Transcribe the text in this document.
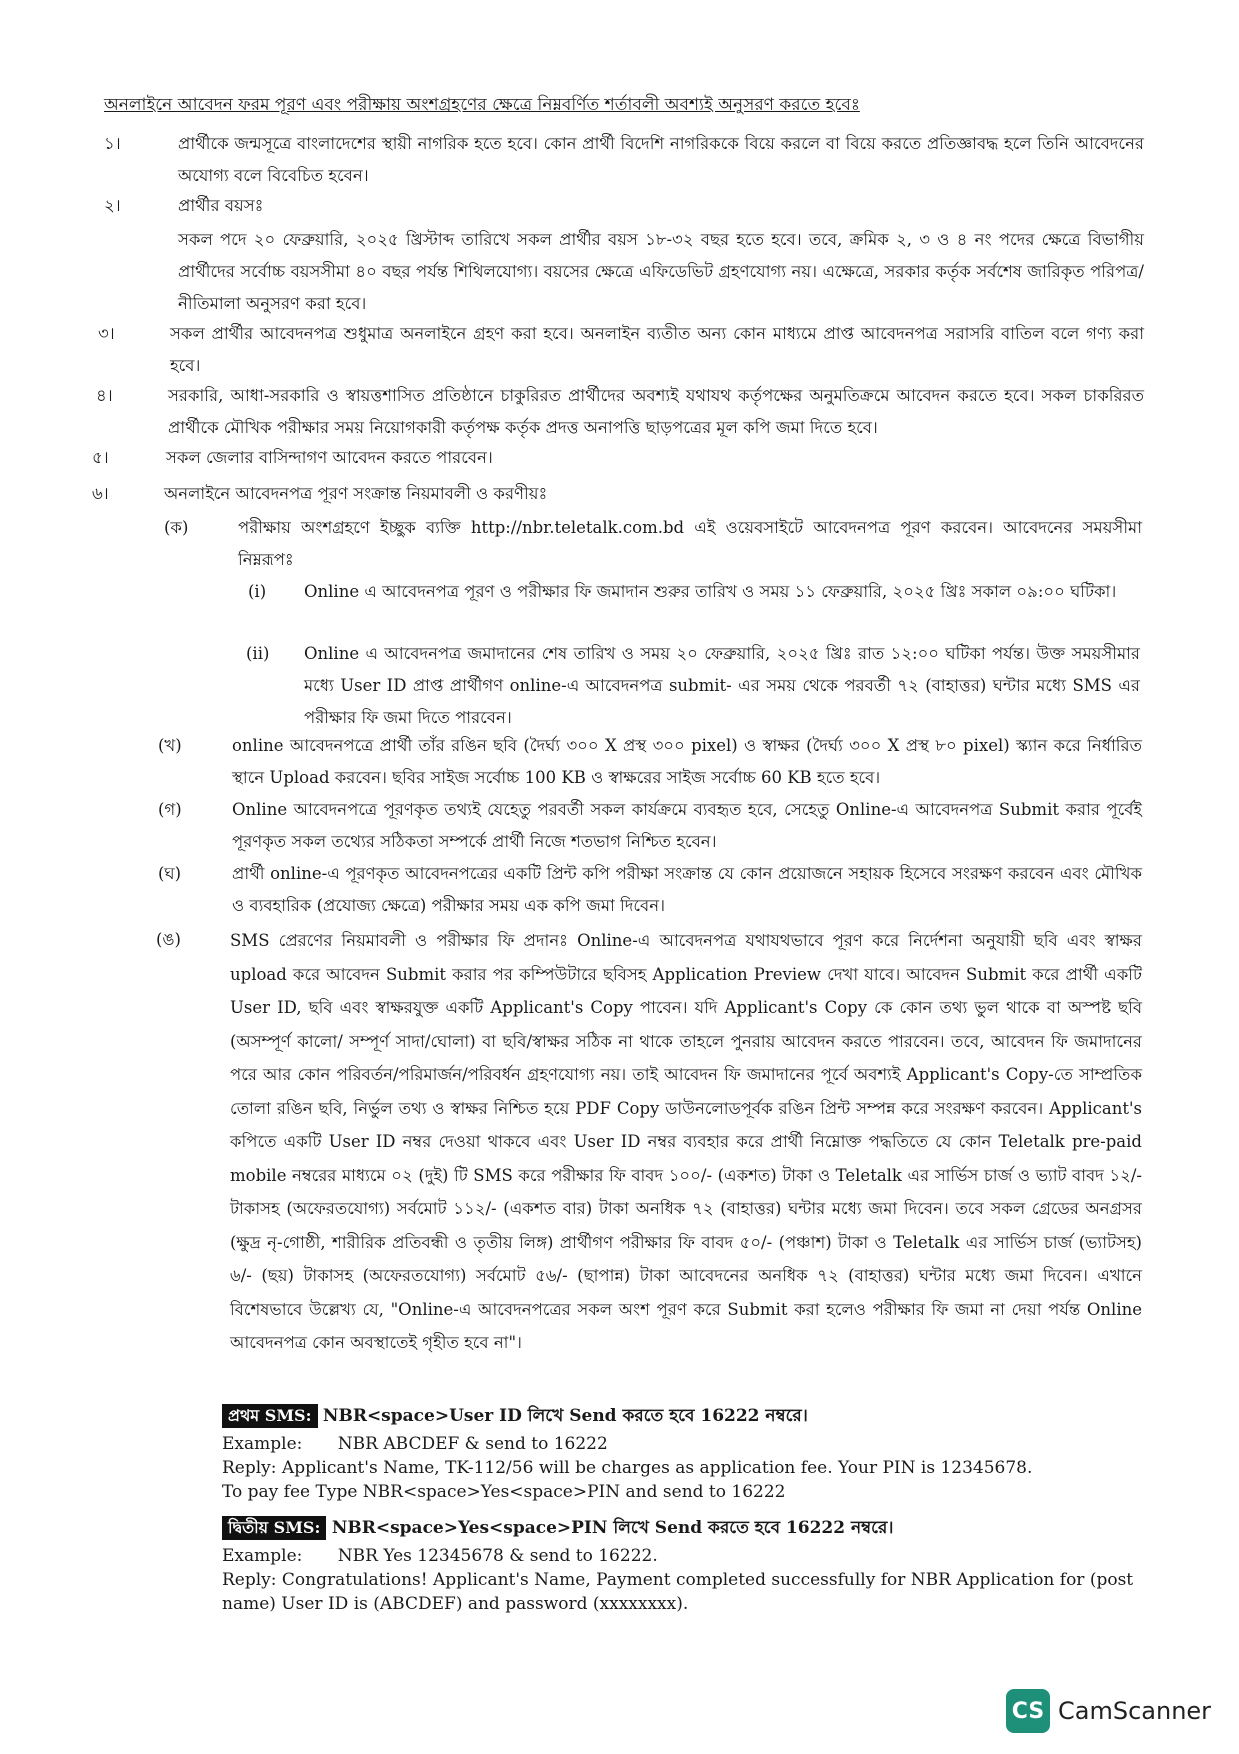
অনলাইনে আবেদন ফরম পূরণ এবং পরীক্ষায় অংশগ্রহণের ক্ষেত্রে নিম্নবর্ণিত শর্তাবলী অবশ্যই অনুসরণ করতে হবেঃ
১।	প্রার্থীকে জন্মসূত্রে বাংলাদেশের স্থায়ী নাগরিক হতে হবে। কোন প্রার্থী বিদেশি নাগরিককে বিয়ে করলে বা বিয়ে করতে প্রতিজ্ঞাবদ্ধ হলে তিনি আবেদনের অযোগ্য বলে বিবেচিত হবেন।
২।	প্রার্থীর বয়সঃ
সকল পদে ২০ ফেব্রুয়ারি, ২০২৫ খ্রিস্টাব্দ তারিখে সকল প্রার্থীর বয়স ১৮-৩২ বছর হতে হবে। তবে, ক্রমিক ২, ৩ ও ৪ নং পদের ক্ষেত্রে বিভাগীয় প্রার্থীদের সর্বোচ্চ বয়সসীমা ৪০ বছর পর্যন্ত শিথিলযোগ্য। বয়সের ক্ষেত্রে এফিডেভিট গ্রহণযোগ্য নয়। এক্ষেত্রে, সরকার কর্তৃক সর্বশেষ জারিকৃত পরিপত্র/ নীতিমালা অনুসরণ করা হবে।
৩।	সকল প্রার্থীর আবেদনপত্র শুধুমাত্র অনলাইনে গ্রহণ করা হবে। অনলাইন ব্যতীত অন্য কোন মাধ্যমে প্রাপ্ত আবেদনপত্র সরাসরি বাতিল বলে গণ্য করা হবে।
৪।	সরকারি, আধা-সরকারি ও স্বায়ত্তশাসিত প্রতিষ্ঠানে চাকুরিরত প্রার্থীদের অবশ্যই যথাযথ কর্তৃপক্ষের অনুমতিক্রমে আবেদন করতে হবে। সকল চাকরিরত প্রার্থীকে মৌখিক পরীক্ষার সময় নিয়োগকারী কর্তৃপক্ষ কর্তৃক প্রদত্ত অনাপত্তি ছাড়পত্রের মূল কপি জমা দিতে হবে।
৫।	সকল জেলার বাসিন্দাগণ আবেদন করতে পারবেন।
৬।	অনলাইনে আবেদনপত্র পূরণ সংক্রান্ত নিয়মাবলী ও করণীয়ঃ
(ক)	পরীক্ষায় অংশগ্রহণে ইচ্ছুক ব্যক্তি http://nbr.teletalk.com.bd এই ওয়েবসাইটে আবেদনপত্র পূরণ করবেন। আবেদনের সময়সীমা নিম্নরূপঃ
(i) Online এ আবেদনপত্র পূরণ ও পরীক্ষার ফি জমাদান শুরুর তারিখ ও সময় ১১ ফেব্রুয়ারি, ২০২৫ খ্রিঃ সকাল ০৯:০০ ঘটিকা।
(ii) Online এ আবেদনপত্র জমাদানের শেষ তারিখ ও সময় ২০ ফেব্রুয়ারি, ২০২৫ খ্রিঃ রাত ১২:০০ ঘটিকা পর্যন্ত। উক্ত সময়সীমার মধ্যে User ID প্রাপ্ত প্রার্থীগণ online-এ আবেদনপত্র submit- এর সময় থেকে পরবর্তী ৭২ (বাহাত্তর) ঘন্টার মধ্যে SMS এর পরীক্ষার ফি জমা দিতে পারবেন।
(খ)	online আবেদনপত্রে প্রার্থী তাঁর রঙিন ছবি (দৈর্ঘ্য ৩০০ X প্রস্থ ৩০০ pixel) ও স্বাক্ষর (দৈর্ঘ্য ৩০০ X প্রস্থ ৮০ pixel) স্ক্যান করে নির্ধারিত স্থানে Upload করবেন। ছবির সাইজ সর্বোচ্চ 100 KB ও স্বাক্ষরের সাইজ সর্বোচ্চ 60 KB হতে হবে।
(গ)	Online আবেদনপত্রে পূরণকৃত তথ্যই যেহেতু পরবর্তী সকল কার্যক্রমে ব্যবহৃত হবে, সেহেতু Online-এ আবেদনপত্র Submit করার পূর্বেই পূরণকৃত সকল তথ্যের সঠিকতা সম্পর্কে প্রার্থী নিজে শতভাগ নিশ্চিত হবেন।
(ঘ)	প্রার্থী online-এ পূরণকৃত আবেদনপত্রের একটি প্রিন্ট কপি পরীক্ষা সংক্রান্ত যে কোন প্রয়োজনে সহায়ক হিসেবে সংরক্ষণ করবেন এবং মৌখিক ও ব্যবহারিক (প্রযোজ্য ক্ষেত্রে) পরীক্ষার সময় এক কপি জমা দিবেন।
(ঙ)	SMS প্রেরণের নিয়মাবলী ও পরীক্ষার ফি প্রদানঃ Online-এ আবেদনপত্র যথাযথভাবে পূরণ করে নির্দেশনা অনুযায়ী ছবি এবং স্বাক্ষর upload করে আবেদন Submit করার পর কম্পিউটারে ছবিসহ Application Preview দেখা যাবে। আবেদন Submit করে প্রার্থী একটি User ID, ছবি এবং স্বাক্ষরযুক্ত একটি Applicant's Copy পাবেন। যদি Applicant's Copy কে কোন তথ্য ভুল থাকে বা অস্পষ্ট ছবি (অসম্পূর্ণ কালো/ সম্পূর্ণ সাদা/ঘোলা) বা ছবি/স্বাক্ষর সঠিক না থাকে তাহলে পুনরায় আবেদন করতে পারবেন। তবে, আবেদন ফি জমাদানের পরে আর কোন পরিবর্তন/পরিমার্জন/পরিবর্ধন গ্রহণযোগ্য নয়। তাই আবেদন ফি জমাদানের পূর্বে অবশ্যই Applicant's Copy-তে সাম্প্রতিক তোলা রঙিন ছবি, নির্ভুল তথ্য ও স্বাক্ষর নিশ্চিত হয়ে PDF Copy ডাউনলোডপূর্বক রঙিন প্রিন্ট সম্পন্ন করে সংরক্ষণ করবেন। Applicant's কপিতে একটি User ID নম্বর দেওয়া থাকবে এবং User ID নম্বর ব্যবহার করে প্রার্থী নিম্নোক্ত পদ্ধতিতে যে কোন Teletalk pre-paid mobile নম্বরের মাধ্যমে ০২ (দুই) টি SMS করে পরীক্ষার ফি বাবদ ১০০/- (একশত) টাকা ও Teletalk এর সার্ভিস চার্জ ও ভ্যাট বাবদ ১২/- টাকাসহ (অফেরতযোগ্য) সর্বমোট ১১২/- (একশত বার) টাকা অনধিক ৭২ (বাহাত্তর) ঘন্টার মধ্যে জমা দিবেন। তবে সকল গ্রেডের অনগ্রসর (ক্ষুদ্র নৃ-গোষ্ঠী, শারীরিক প্রতিবন্ধী ও তৃতীয় লিঙ্গ) প্রার্থীগণ পরীক্ষার ফি বাবদ ৫০/- (পঞ্চাশ) টাকা ও Teletalk এর সার্ভিস চার্জ (ভ্যাটসহ) ৬/- (ছয়) টাকাসহ (অফেরতযোগ্য) সর্বমোট ৫৬/- (ছাপান্ন) টাকা আবেদনের অনধিক ৭২ (বাহাত্তর) ঘন্টার মধ্যে জমা দিবেন। এখানে বিশেষভাবে উল্লেখ্য যে, "Online-এ আবেদনপত্রের সকল অংশ পূরণ করে Submit করা হলেও পরীক্ষার ফি জমা না দেয়া পর্যন্ত Online আবেদনপত্র কোন অবস্থাতেই গৃহীত হবে না"।
প্রথম SMS: NBR<space>User ID লিখে Send করতে হবে 16222 নম্বরে।
Example: NBR ABCDEF & send to 16222
Reply: Applicant's Name, TK-112/56 will be charges as application fee. Your PIN is 12345678.
To pay fee Type NBR<space>Yes<space>PIN and send to 16222
দ্বিতীয় SMS: NBR<space>Yes<space>PIN লিখে Send করতে হবে 16222 নম্বরে।
Example: NBR Yes 12345678 & send to 16222.
Reply: Congratulations! Applicant's Name, Payment completed successfully for NBR Application for (post name) User ID is (ABCDEF) and password (xxxxxxxx).
CS CamScanner
